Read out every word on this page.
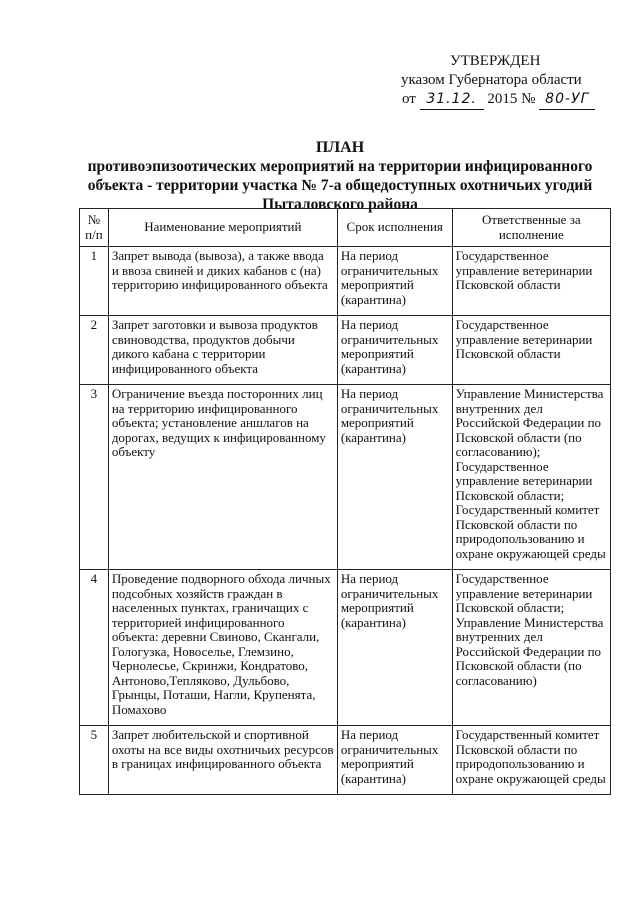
УТВЕРЖДЕН
указом Губернатора области
от 31.12. 2015 № 80-УГ
ПЛАН
противоэпизоотических мероприятий на территории инфицированного
объекта - территории участка № 7-а общедоступных охотничьих угодий
Пыталовского района
№ п/п	Наименование мероприятий	Срок исполнения	Ответственные за исполнение
1	Запрет вывода (вывоза), а также ввода и ввоза свиней и диких кабанов с (на) территорию инфицированного объекта	На период ограничительных мероприятий (карантина)	Государственное управление ветеринарии Псковской области

2	Запрет заготовки и вывоза продуктов свиноводства, продуктов добычи дикого кабана с территории инфицированного объекта	На период ограничительных мероприятий (карантина)	Государственное управление ветеринарии Псковской области

3	Ограничение въезда посторонних лиц на территорию инфицированного объекта; установление аншлагов на дорогах, ведущих к инфицированному объекту	На период ограничительных мероприятий (карантина)	Управление Министерства внутренних дел Российской Федерации по Псковской области (по согласованию);
Государственное управление ветеринарии Псковской области;
Государственный комитет Псковской области по природопользованию и охране окружающей среды

4	Проведение подворного обхода личных подсобных хозяйств граждан в населенных пунктах, граничащих с территорией инфицированного объекта: деревни Свиново, Скангали, Гологузка, Новоселье, Глемзино, Чернолесье, Скринжи, Кондратово, Антоново,Тепляково, Дульбово, Грынцы, Поташи, Нагли, Крупенята, Помахово	На период ограничительных мероприятий (карантина)	Государственное управление ветеринарии Псковской области;
Управление Министерства внутренних дел Российской Федерации по Псковской области (по согласованию)

5	Запрет любительской и спортивной охоты на все виды охотничьих ресурсов в границах инфицированного объекта	На период ограничительных мероприятий (карантина)	Государственный комитет Псковской области по природопользованию и охране окружающей среды
